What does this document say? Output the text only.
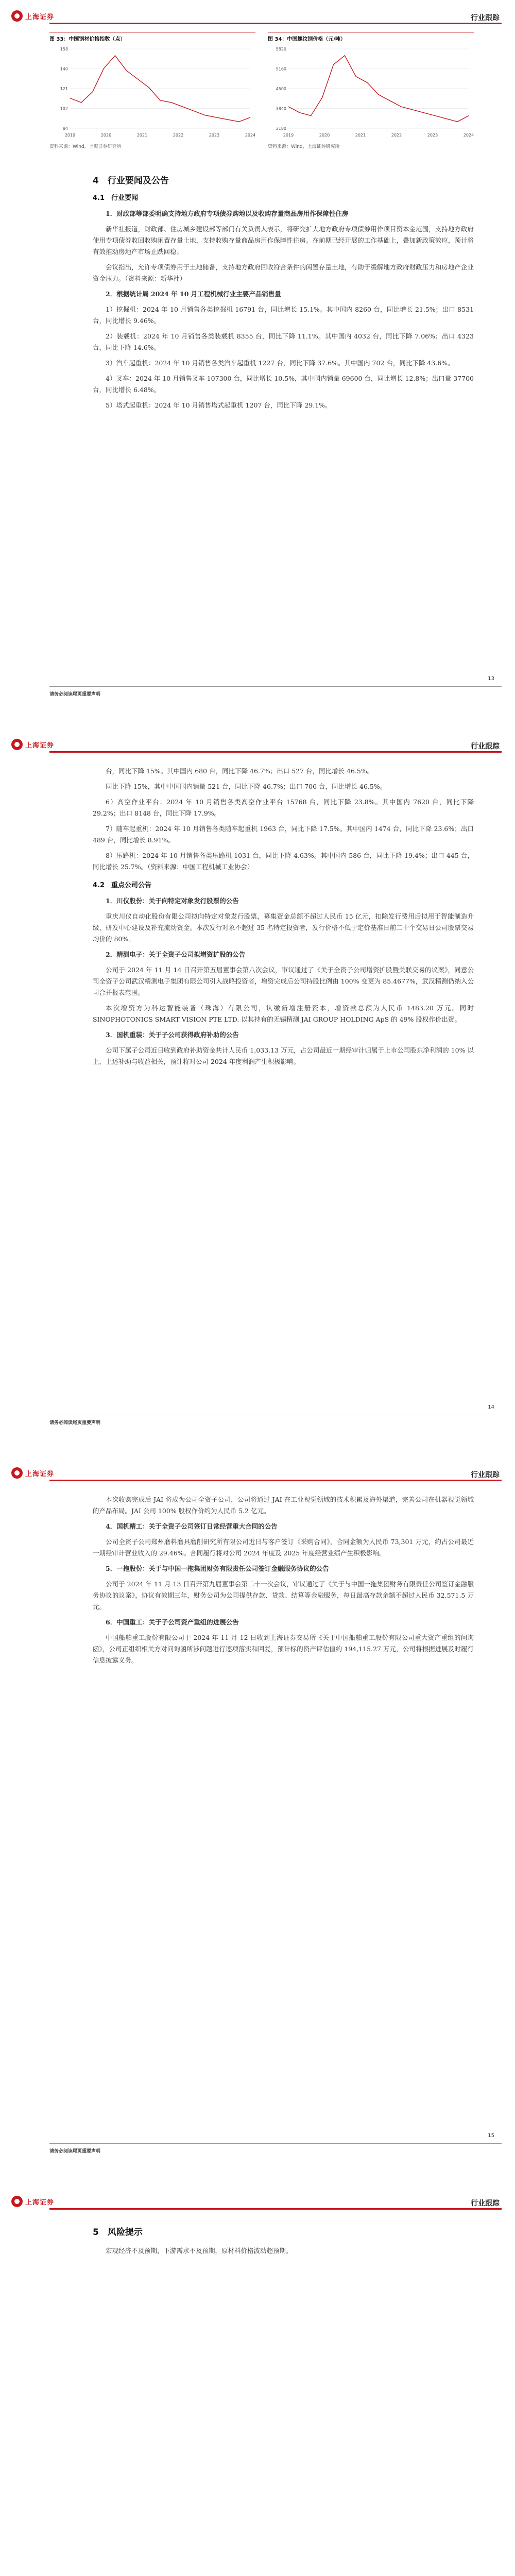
上海证券	行业跟踪
图 33：中国钢材价格指数（点）
84
102
121
140
158
2019	2020	2021	2022	2023	2024
资料来源：Wind，上海证券研究所
图 34：中国螺纹钢价格（元/吨）
3180
3840
4500
5160
5820
2019	2020	2021	2022	2023	2024
资料来源：Wind，上海证券研究所
4　行业要闻及公告
4.1　行业要闻
1．财政部等部委明确支持地方政府专项债券购地以及收购存量商品房用作保障性住房
新华社报道，财政部、住房城乡建设部等部门有关负责人表示，将研究扩大地方政府专项债券用作项目资本金范围，支持地方政府使用专项债券收回收购闲置存量土地，支持收购存量商品房用作保障性住房。在前期已经开展的工作基础上，叠加新政策效应，预计将有效推动房地产市场止跌回稳。
会议指出，允许专项债券用于土地储备，支持地方政府回收符合条件的闲置存量土地，有助于缓解地方政府财政压力和房地产企业资金压力。（资料来源：新华社）
2．根据统计局 2024 年 10 月工程机械行业主要产品销售量
1）挖掘机：2024 年 10 月销售各类挖掘机 16791 台，同比增长 15.1%。其中国内 8260 台，同比增长 21.5%；出口 8531 台，同比增长 9.46%。
2）装载机：2024 年 10 月销售各类装载机 8355 台，同比下降 11.1%。其中国内 4032 台，同比下降 7.06%；出口 4323 台，同比下降 14.6%。
3）汽车起重机：2024 年 10 月销售各类汽车起重机 1227 台，同比下降 37.6%。其中国内 702 台，同比下降 43.6%。
4）叉车：2024 年 10 月销售叉车 107300 台，同比增长 10.5%，其中国内销量 69600 台，同比增长 12.8%；出口量 37700 台，同比增长 6.48%。
5）塔式起重机：2024 年 10 月销售塔式起重机 1207 台，同比下降 29.1%。
13
请务必阅读尾页重要声明
上海证券	行业跟踪
台，同比下降 15%。其中国内 680 台，同比下降 46.7%；出口 527 台，同比增长 46.5%。
同比下降 15%，其中中国国内销量 521 台，同比下降 46.7%；出口 706 台，同比增长 46.5%。
6）高空作业平台：2024 年 10 月销售各类高空作业平台 15768 台，同比下降 23.8%。其中国内 7620 台，同比下降 29.2%；出口 8148 台，同比下降 17.9%。
7）随车起重机：2024 年 10 月销售各类随车起重机 1963 台，同比下降 17.5%。其中国内 1474 台，同比下降 23.6%；出口 489 台，同比增长 8.91%。
8）压路机：2024 年 10 月销售各类压路机 1031 台，同比下降 4.63%。其中国内 586 台，同比下降 19.4%；出口 445 台，同比增长 25.7%。（资料来源：中国工程机械工业协会）
4.2　重点公司公告
1．川仪股份：关于向特定对象发行股票的公告
重庆川仪自动化股份有限公司拟向特定对象发行股票，募集资金总额不超过人民币 15 亿元，扣除发行费用后拟用于智能制造升级、研发中心建设及补充流动资金。本次发行对象不超过 35 名特定投资者，发行价格不低于定价基准日前二十个交易日公司股票交易均价的 80%。
2．精测电子：关于全资子公司拟增资扩股的公告
公司于 2024 年 11 月 14 日召开第五届董事会第八次会议，审议通过了《关于全资子公司增资扩股暨关联交易的议案》，同意公司全资子公司武汉精测电子集团有限公司引入战略投资者，增资完成后公司持股比例由 100% 变更为 85.4677%，武汉精测仍纳入公司合并报表范围。
本次增资方为科达智能装备（珠海）有限公司，认缴新增注册资本，增资款总额为人民币 1483.20 万元。同时 SINOPHOTONICS SMART VISION PTE LTD. 以其持有的无锡精测 JAI GROUP HOLDING ApS 的 49% 股权作价出资。
3．国机重装：关于子公司获得政府补助的公告
公司下属子公司近日收到政府补助资金共计人民币 1,033.13 万元，占公司最近一期经审计归属于上市公司股东净利润的 10% 以上，上述补助与收益相关，预计将对公司 2024 年度利润产生积极影响。
14
请务必阅读尾页重要声明
上海证券	行业跟踪
本次收购完成后 JAI 将成为公司全资子公司，公司将通过 JAI 在工业视觉领域的技术积累及海外渠道，完善公司在机器视觉领域的产品布局。JAI 公司 100% 股权作价约为人民币 5.2 亿元。
4．国机精工：关于全资子公司签订日常经营重大合同的公告
公司全资子公司郑州磨料磨具磨削研究所有限公司近日与客户签订《采购合同》，合同金额为人民币 73,301 万元，约占公司最近一期经审计营业收入的 29.46%。合同履行将对公司 2024 年度及 2025 年度经营业绩产生积极影响。
5．一拖股份：关于与中国一拖集团财务有限责任公司签订金融服务协议的公告
公司于 2024 年 11 月 13 日召开第九届董事会第二十一次会议，审议通过了《关于与中国一拖集团财务有限责任公司签订金融服务协议的议案》，协议有效期三年，财务公司为公司提供存款、贷款、结算等金融服务，每日最高存款余额不超过人民币 32,571.5 万元。
6．中国重工：关于子公司资产重组的进展公告
中国船舶重工股份有限公司于 2024 年 11 月 12 日收到上海证券交易所《关于中国船舶重工股份有限公司重大资产重组的问询函》，公司正组织相关方对问询函所涉问题进行逐项落实和回复，预计标的资产评估值约 194,115.27 万元，公司将根据进展及时履行信息披露义务。
15
请务必阅读尾页重要声明
上海证券	行业跟踪
5　风险提示
宏观经济不及预期，下游需求不及预期，原材料价格波动超预期。
